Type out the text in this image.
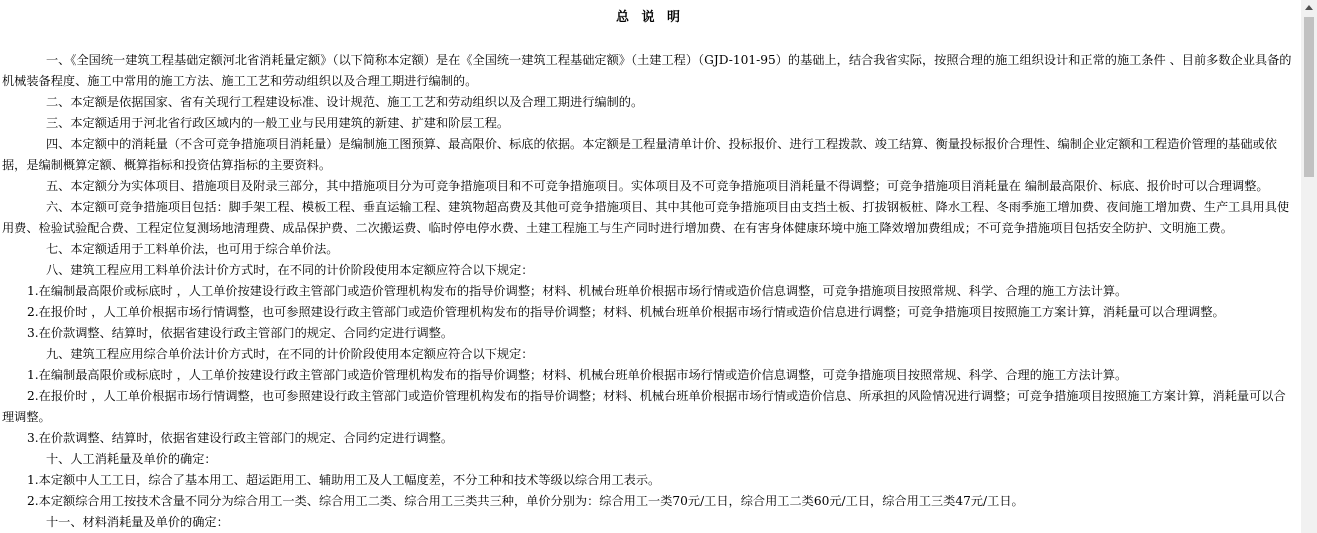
总 说 明

一、《全国统一建筑工程基础定额河北省消耗量定额》（以下简称本定额）是在《全国统一建筑工程基础定额》（土建工程）（GJD-101-95）的基础上，结合我省实际，按照合理的施工组织设计和正常的施工条件 、目前多数企业具备的机械装备程度、施工中常用的施工方法、施工工艺和劳动组织以及合理工期进行编制的。

二、本定额是依据国家、省有关现行工程建设标准、设计规范、施工工艺和劳动组织以及合理工期进行编制的。

三、本定额适用于河北省行政区域内的一般工业与民用建筑的新建、扩建和阶层工程。

四、本定额中的消耗量（不含可竞争措施项目消耗量）是编制施工图预算、最高限价、标底的依据。本定额是工程量清单计价、投标报价、进行工程拨款、竣工结算、衡量投标报价合理性、编制企业定额和工程造价管理的基础或依据，是编制概算定额、概算指标和投资估算指标的主要资料。

五、本定额分为实体项目、措施项目及附录三部分，其中措施项目分为可竞争措施项目和不可竞争措施项目。实体项目及不可竞争措施项目消耗量不得调整；可竞争措施项目消耗量在 编制最高限价、标底、报价时可以合理调整。

六、本定额可竞争措施项目包括：脚手架工程、模板工程、垂直运输工程、建筑物超高费及其他可竞争措施项目、其中其他可竞争措施项目由支挡土板、打拔钢板桩、降水工程、冬雨季施工增加费、夜间施工增加费、生产工具用具使用费、检验试验配合费、工程定位复测场地清理费、成品保护费、二次搬运费、临时停电停水费、土建工程施工与生产同时进行增加费、在有害身体健康环境中施工降效增加费组成；不可竞争措施项目包括安全防护、文明施工费。

七、本定额适用于工料单价法，也可用于综合单价法。

八、建筑工程应用工料单价法计价方式时，在不同的计价阶段使用本定额应符合以下规定：

1.在编制最高限价或标底时 ，人工单价按建设行政主管部门或造价管理机构发布的指导价调整；材料、机械台班单价根据市场行情或造价信息调整，可竞争措施项目按照常规、科学、合理的施工方法计算。

2.在报价时 ，人工单价根据市场行情调整，也可参照建设行政主管部门或造价管理机构发布的指导价调整；材料、机械台班单价根据市场行情或造价信息进行调整；可竞争措施项目按照施工方案计算，消耗量可以合理调整。

3.在价款调整、结算时，依据省建设行政主管部门的规定、合同约定进行调整。

九、建筑工程应用综合单价法计价方式时，在不同的计价阶段使用本定额应符合以下规定：

1.在编制最高限价或标底时 ，人工单价按建设行政主管部门或造价管理机构发布的指导价调整；材料、机械台班单价根据市场行情或造价信息调整，可竞争措施项目按照常规、科学、合理的施工方法计算。

2.在报价时 ，人工单价根据市场行情调整，也可参照建设行政主管部门或造价管理机构发布的指导价调整；材料、机械台班单价根据市场行情或造价信息、所承担的风险情况进行调整；可竞争措施项目按照施工方案计算，消耗量可以合理调整。

3.在价款调整、结算时，依据省建设行政主管部门的规定、合同约定进行调整。

十、人工消耗量及单价的确定：

1.本定额中人工工日，综合了基本用工、超运距用工、辅助用工及人工幅度差，不分工种和技术等级以综合用工表示。

2.本定额综合用工按技术含量不同分为综合用工一类、综合用工二类、综合用工三类共三种，单价分别为：综合用工一类70元/工日，综合用工二类60元/工日，综合用工三类47元/工日。

十一、材料消耗量及单价的确定：
